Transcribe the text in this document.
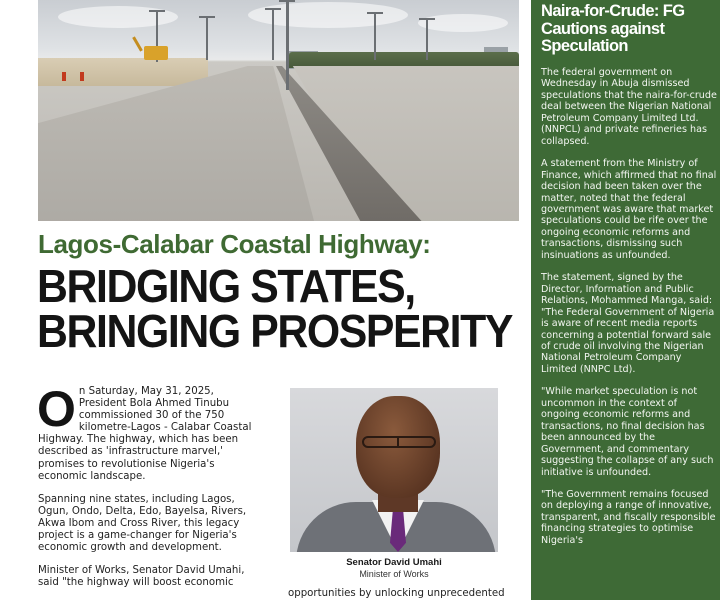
Lagos-Calabar Coastal Highway:
BRIDGING STATES,
BRINGING PROSPERITY

On Saturday, May 31, 2025, President Bola Ahmed Tinubu commissioned 30 of the 750 kilometre-Lagos - Calabar Coastal Highway. The highway, which has been described as 'infrastructure marvel,' promises to revolutionise Nigeria's economic landscape.

Spanning nine states, including Lagos, Ogun, Ondo, Delta, Edo, Bayelsa, Rivers, Akwa Ibom and Cross River, this legacy project is a game-changer for Nigeria's economic growth and development.

Minister of Works, Senator David Umahi, said "the highway will boost economic

Senator David Umahi
Minister of Works
opportunities by unlocking unprecedented
Naira-for-Crude: FG Cautions against Speculation

The federal government on Wednesday in Abuja dismissed speculations that the naira-for-crude deal between the Nigerian National Petroleum Company Limited Ltd. (NNPCL) and private refineries has collapsed.

A statement from the Ministry of Finance, which affirmed that no final decision had been taken over the matter, noted that the federal government was aware that market speculations could be rife over the ongoing economic reforms and transactions, dismissing such insinuations as unfounded.

The statement, signed by the Director, Information and Public Relations, Mohammed Manga, said: "The Federal Government of Nigeria is aware of recent media reports concerning a potential forward sale of crude oil involving the Nigerian National Petroleum Company Limited (NNPC Ltd).

"While market speculation is not uncommon in the context of ongoing economic reforms and transactions, no final decision has been announced by the Government, and commentary suggesting the collapse of any such initiative is unfounded.

"The Government remains focused on deploying a range of innovative, transparent, and fiscally responsible financing strategies to optimise Nigeria's
